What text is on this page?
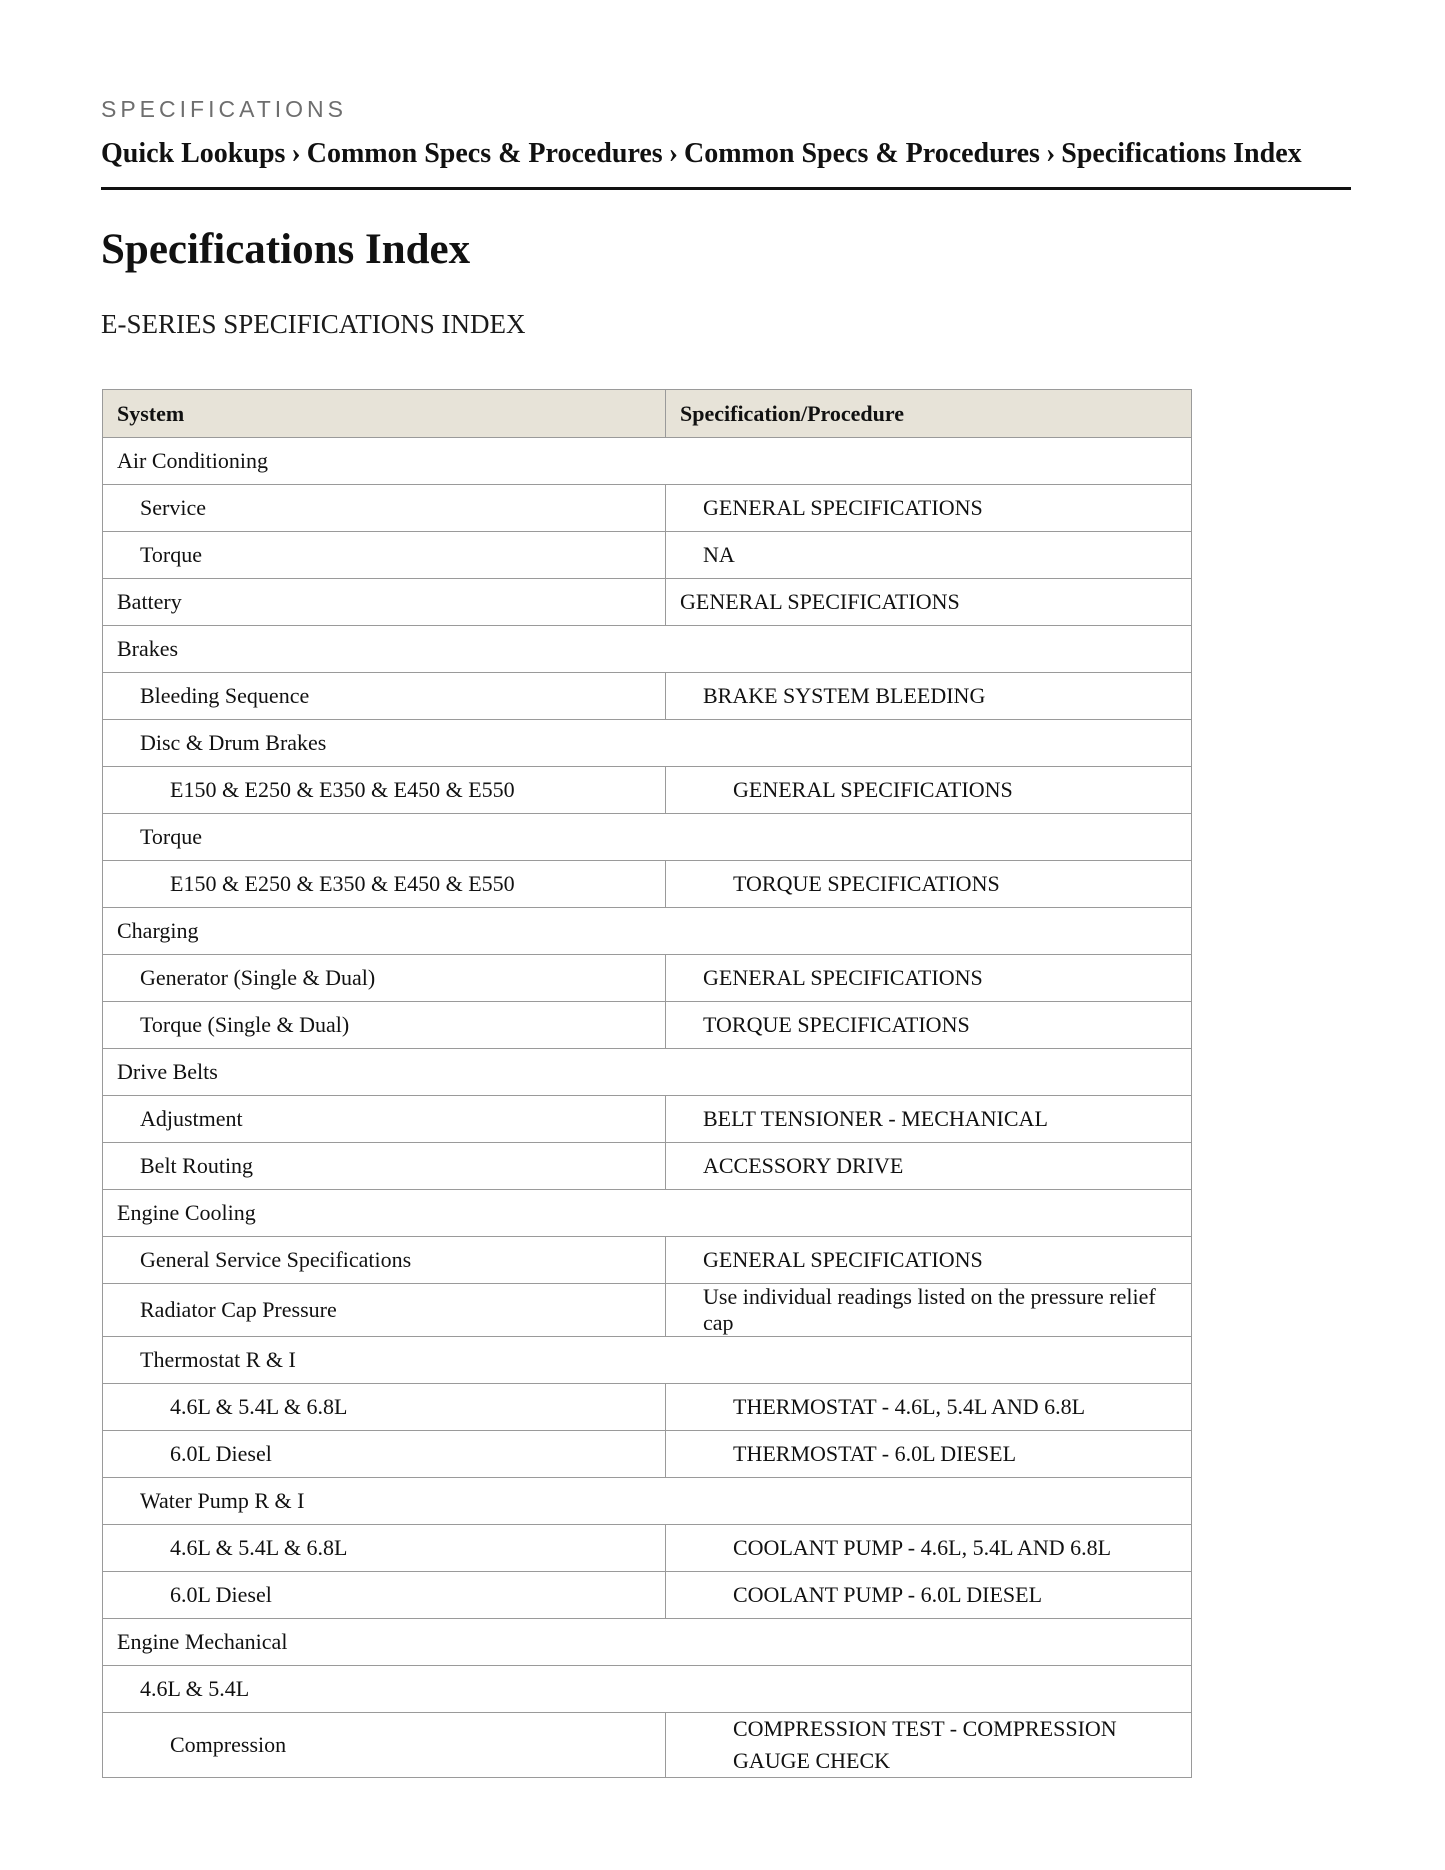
SPECIFICATIONS
Quick Lookups › Common Specs & Procedures › Common Specs & Procedures › Specifications Index
Specifications Index
E-SERIES SPECIFICATIONS INDEX
System	Specification/Procedure
Air Conditioning	
Service	GENERAL SPECIFICATIONS
Torque	NA
Battery	GENERAL SPECIFICATIONS
Brakes	
Bleeding Sequence	BRAKE SYSTEM BLEEDING
Disc & Drum Brakes	
E150 & E250 & E350 & E450 & E550	GENERAL SPECIFICATIONS
Torque	
E150 & E250 & E350 & E450 & E550	TORQUE SPECIFICATIONS
Charging	
Generator (Single & Dual)	GENERAL SPECIFICATIONS
Torque (Single & Dual)	TORQUE SPECIFICATIONS
Drive Belts	
Adjustment	BELT TENSIONER - MECHANICAL
Belt Routing	ACCESSORY DRIVE
Engine Cooling	
General Service Specifications	GENERAL SPECIFICATIONS
Radiator Cap Pressure	Use individual readings listed on the pressure relief cap
Thermostat R & I	
4.6L & 5.4L & 6.8L	THERMOSTAT - 4.6L, 5.4L AND 6.8L
6.0L Diesel	THERMOSTAT - 6.0L DIESEL
Water Pump R & I	
4.6L & 5.4L & 6.8L	COOLANT PUMP - 4.6L, 5.4L AND 6.8L
6.0L Diesel	COOLANT PUMP - 6.0L DIESEL
Engine Mechanical	
4.6L & 5.4L	
Compression	COMPRESSION TEST - COMPRESSION GAUGE CHECK
